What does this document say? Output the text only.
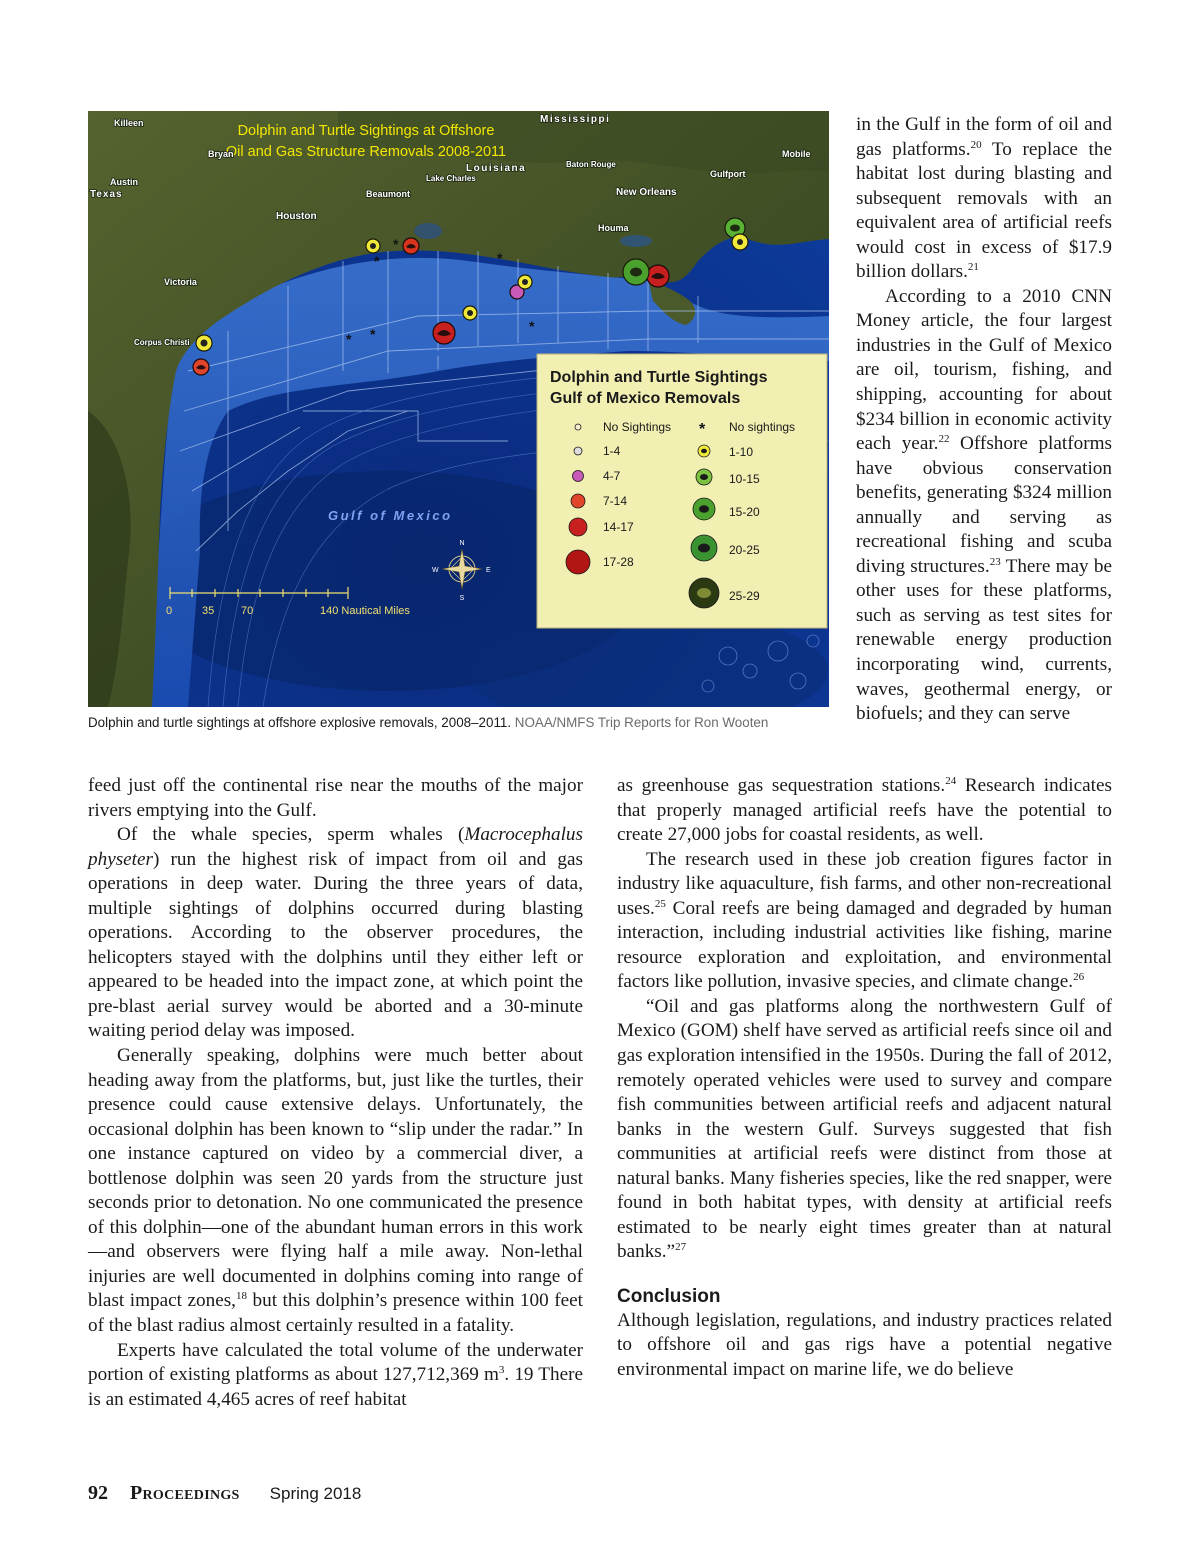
Dolphin and Turtle Sightings at Offshore
Oil and Gas Structure Removals 2008-2011
Killeen
Bryan
Austin
Texas
Houston
Beaumont
Lake Charles
Louisiana
Mississippi
Baton Rouge
New Orleans
Houma
Mobile
Gulfport
Victoria
Corpus Christi
Gulf of Mexico
*
*
* *
*
*
N
S
E
W
0	35 70	140 Nautical Miles
Dolphin and Turtle Sightings
Gulf of Mexico Removals
No Sightings
1-4
4-7
7-14
14-17
17-28
* No sightings
1-10
10-15
15-20
20-25
25-29
Dolphin and turtle sightings at offshore explosive removals, 2008–2011. NOAA/NMFS Trip Reports for Ron Wooten

in the Gulf in the form of oil and gas platforms.$^{20}$ To replace the habitat lost during blasting and subsequent removals with an equivalent area of artificial reefs would cost in excess of $17.9 billion dollars.$^{21}$

According to a 2010 CNN Money article, the four largest industries in the Gulf of Mexico are oil, tourism, fishing, and shipping, accounting for about $234 billion in economic activity each year.$^{22}$ Offshore platforms have obvious conservation benefits, generating $324 million annually and serving as recreational fishing and scuba diving structures.$^{23}$ There may be other uses for these platforms, such as serving as test sites for renewable energy production incorporating wind, currents, waves, geothermal energy, or biofuels; and they can serve

feed just off the continental rise near the mouths of the major rivers emptying into the Gulf.

Of the whale species, sperm whales (Macrocephalus physeter) run the highest risk of impact from oil and gas operations in deep water. During the three years of data, multiple sightings of dolphins occurred during blasting operations. According to the observer procedures, the helicopters stayed with the dolphins until they either left or appeared to be headed into the impact zone, at which point the pre-blast aerial survey would be aborted and a 30-minute waiting period delay was imposed.

Generally speaking, dolphins were much better about heading away from the platforms, but, just like the turtles, their presence could cause extensive delays. Unfortunately, the occasional dolphin has been known to “slip under the radar.” In one instance captured on video by a commercial diver, a bottlenose dolphin was seen 20 yards from the structure just seconds prior to detonation. No one communicated the presence of this dolphin—one of the abundant human errors in this work—and observers were flying half a mile away. Non-lethal injuries are well documented in dolphins coming into range of blast impact zones,$^{18}$ but this dolphin’s presence within 100 feet of the blast radius almost certainly resulted in a fatality.

Experts have calculated the total volume of the underwater portion of existing platforms as about 127,712,369 $m^3$. 19 There is an estimated 4,465 acres of reef habitat

as greenhouse gas sequestration stations.$^{24}$ Research indicates that properly managed artificial reefs have the potential to create 27,000 jobs for coastal residents, as well.

The research used in these job creation figures factor in industry like aquaculture, fish farms, and other non-recreational uses.$^{25}$ Coral reefs are being damaged and degraded by human interaction, including industrial activities like fishing, marine resource exploration and exploitation, and environmental factors like pollution, invasive species, and climate change.$^{26}$

“Oil and gas platforms along the northwestern Gulf of Mexico (GOM) shelf have served as artificial reefs since oil and gas exploration intensified in the 1950s. During the fall of 2012, remotely operated vehicles were used to survey and compare fish communities between artificial reefs and adjacent natural banks in the western Gulf. Surveys suggested that fish communities at artificial reefs were distinct from those at natural banks. Many fisheries species, like the red snapper, were found in both habitat types, with density at artificial reefs estimated to be nearly eight times greater than at natural banks.”$^{27}$

Conclusion

Although legislation, regulations, and industry practices related to offshore oil and gas rigs have a potential negative environmental impact on marine life, we do believe

92 Proceedings Spring 2018
